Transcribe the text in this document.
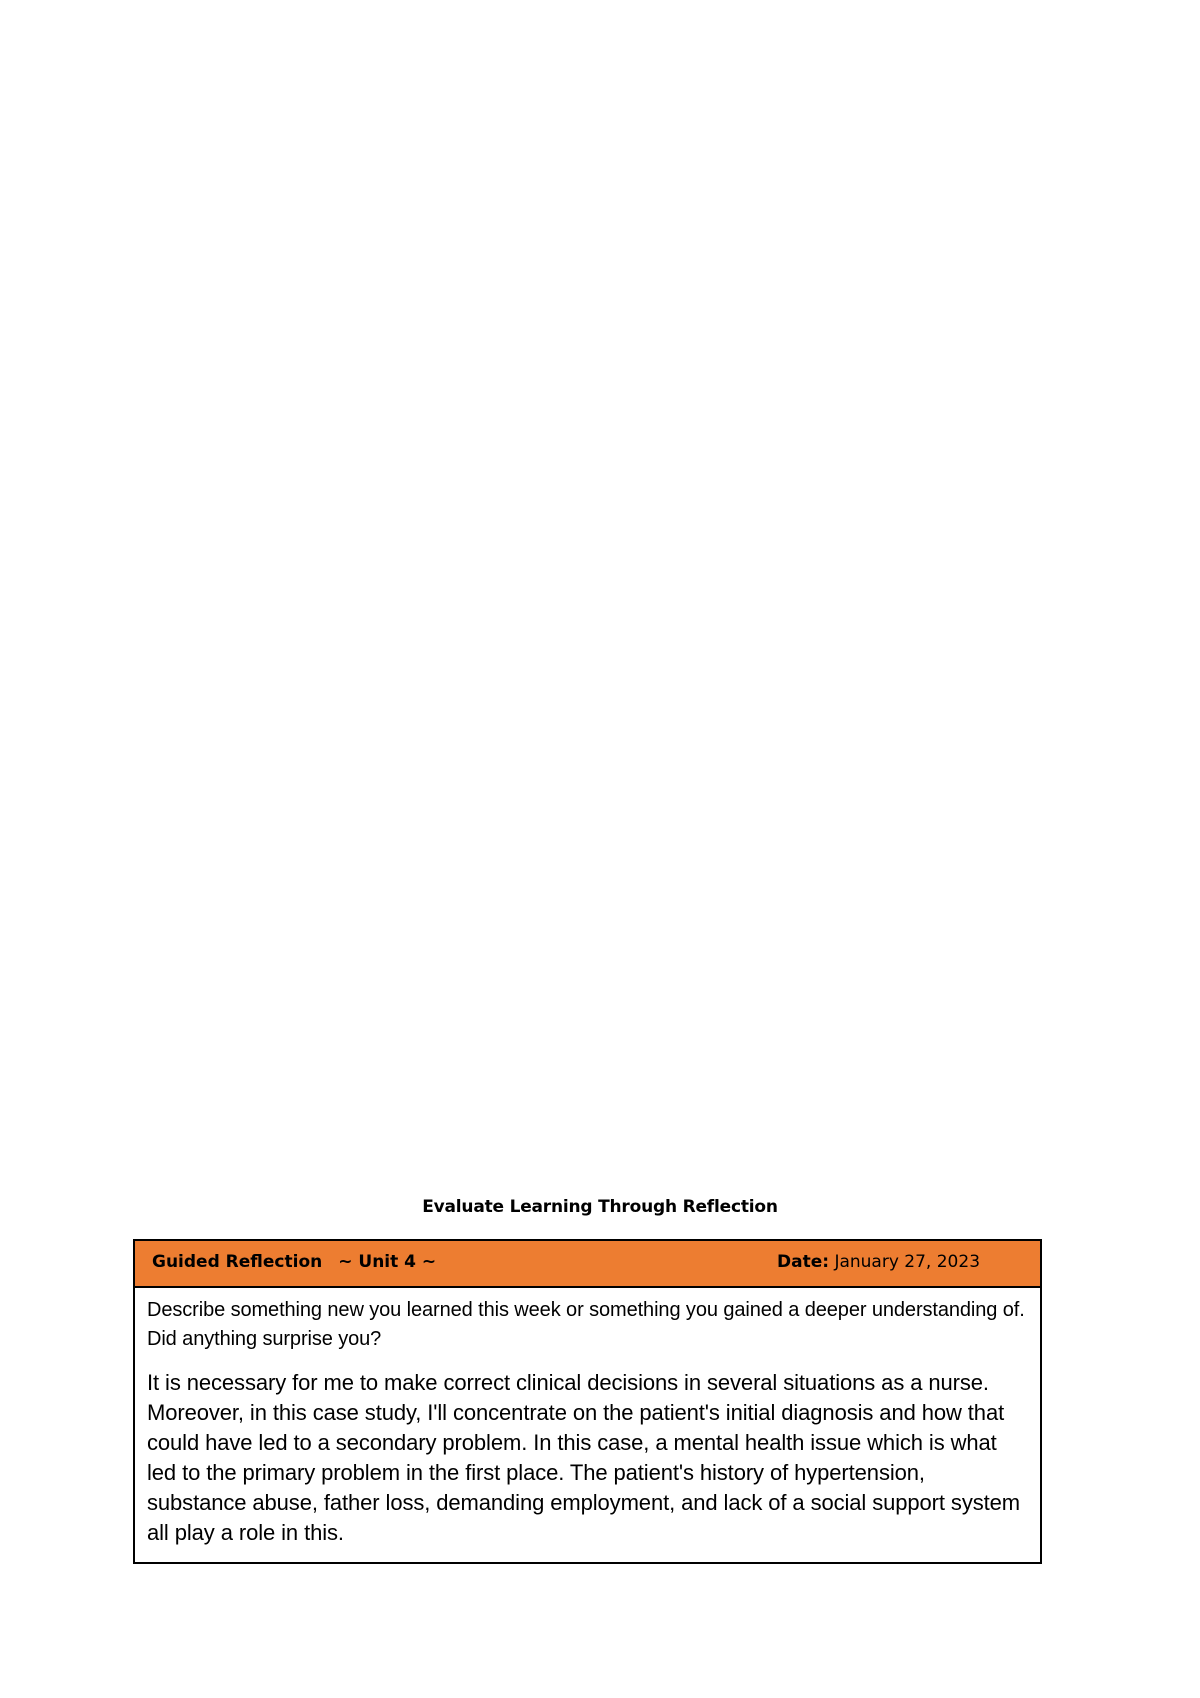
Evaluate Learning Through Reflection
Guided Reflection ~ Unit 4 ~	Date: January 27, 2023

Describe something new you learned this week or something you gained a deeper understanding of. Did anything surprise you?

It is necessary for me to make correct clinical decisions in several situations as a nurse. Moreover, in this case study, I'll concentrate on the patient's initial diagnosis and how that could have led to a secondary problem. In this case, a mental health issue which is what led to the primary problem in the first place. The patient's history of hypertension, substance abuse, father loss, demanding employment, and lack of a social support system all play a role in this.
